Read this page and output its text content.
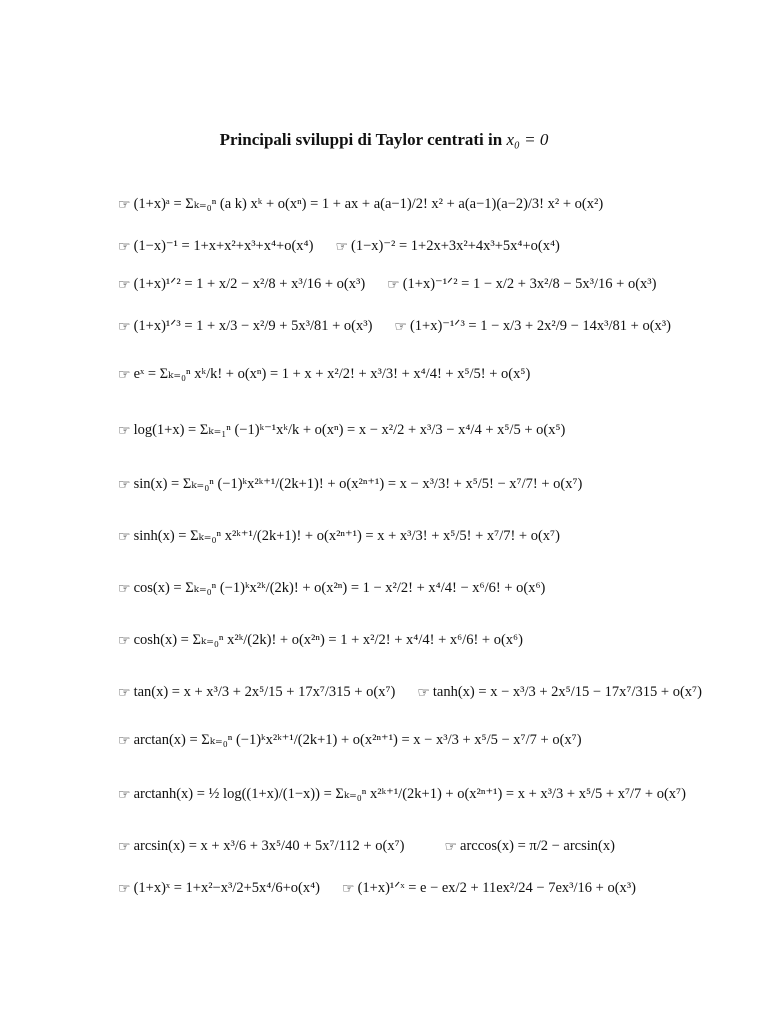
Principali sviluppi di Taylor centrati in x₀ = 0
☞ (1+x)ᵃ = Σₖ₌₀ⁿ (a k) xᵏ + o(xⁿ) = 1 + ax + a(a−1)/2! x² + a(a−1)(a−2)/3! x² + o(x²)
☞ (1−x)⁻¹ = 1+x+x²+x³+x⁴+o(x⁴) ☞ (1−x)⁻² = 1+2x+3x²+4x³+5x⁴+o(x⁴)
☞ (1+x)¹ᐟ² = 1 + x/2 − x²/8 + x³/16 + o(x³) ☞ (1+x)⁻¹ᐟ² = 1 − x/2 + 3x²/8 − 5x³/16 + o(x³)
☞ (1+x)¹ᐟ³ = 1 + x/3 − x²/9 + 5x³/81 + o(x³) ☞ (1+x)⁻¹ᐟ³ = 1 − x/3 + 2x²/9 − 14x³/81 + o(x³)
☞ eˣ = Σₖ₌₀ⁿ xᵏ/k! + o(xⁿ) = 1 + x + x²/2! + x³/3! + x⁴/4! + x⁵/5! + o(x⁵)
☞ log(1+x) = Σₖ₌₁ⁿ (−1)ᵏ⁻¹xᵏ/k + o(xⁿ) = x − x²/2 + x³/3 − x⁴/4 + x⁵/5 + o(x⁵)
☞ sin(x) = Σₖ₌₀ⁿ (−1)ᵏx²ᵏ⁺¹/(2k+1)! + o(x²ⁿ⁺¹) = x − x³/3! + x⁵/5! − x⁷/7! + o(x⁷)
☞ sinh(x) = Σₖ₌₀ⁿ x²ᵏ⁺¹/(2k+1)! + o(x²ⁿ⁺¹) = x + x³/3! + x⁵/5! + x⁷/7! + o(x⁷)
☞ cos(x) = Σₖ₌₀ⁿ (−1)ᵏx²ᵏ/(2k)! + o(x²ⁿ) = 1 − x²/2! + x⁴/4! − x⁶/6! + o(x⁶)
☞ cosh(x) = Σₖ₌₀ⁿ x²ᵏ/(2k)! + o(x²ⁿ) = 1 + x²/2! + x⁴/4! + x⁶/6! + o(x⁶)
☞ tan(x) = x + x³/3 + 2x⁵/15 + 17x⁷/315 + o(x⁷) ☞ tanh(x) = x − x³/3 + 2x⁵/15 − 17x⁷/315 + o(x⁷)
☞ arctan(x) = Σₖ₌₀ⁿ (−1)ᵏx²ᵏ⁺¹/(2k+1) + o(x²ⁿ⁺¹) = x − x³/3 + x⁵/5 − x⁷/7 + o(x⁷)
☞ arctanh(x) = ½ log((1+x)/(1−x)) = Σₖ₌₀ⁿ x²ᵏ⁺¹/(2k+1) + o(x²ⁿ⁺¹) = x + x³/3 + x⁵/5 + x⁷/7 + o(x⁷)
☞ arcsin(x) = x + x³/6 + 3x⁵/40 + 5x⁷/112 + o(x⁷)	☞ arccos(x) = π/2 − arcsin(x)
☞ (1+x)ˣ = 1+x²−x³/2+5x⁴/6+o(x⁴) ☞ (1+x)¹ᐟˣ = e − ex/2 + 11ex²/24 − 7ex³/16 + o(x³)
